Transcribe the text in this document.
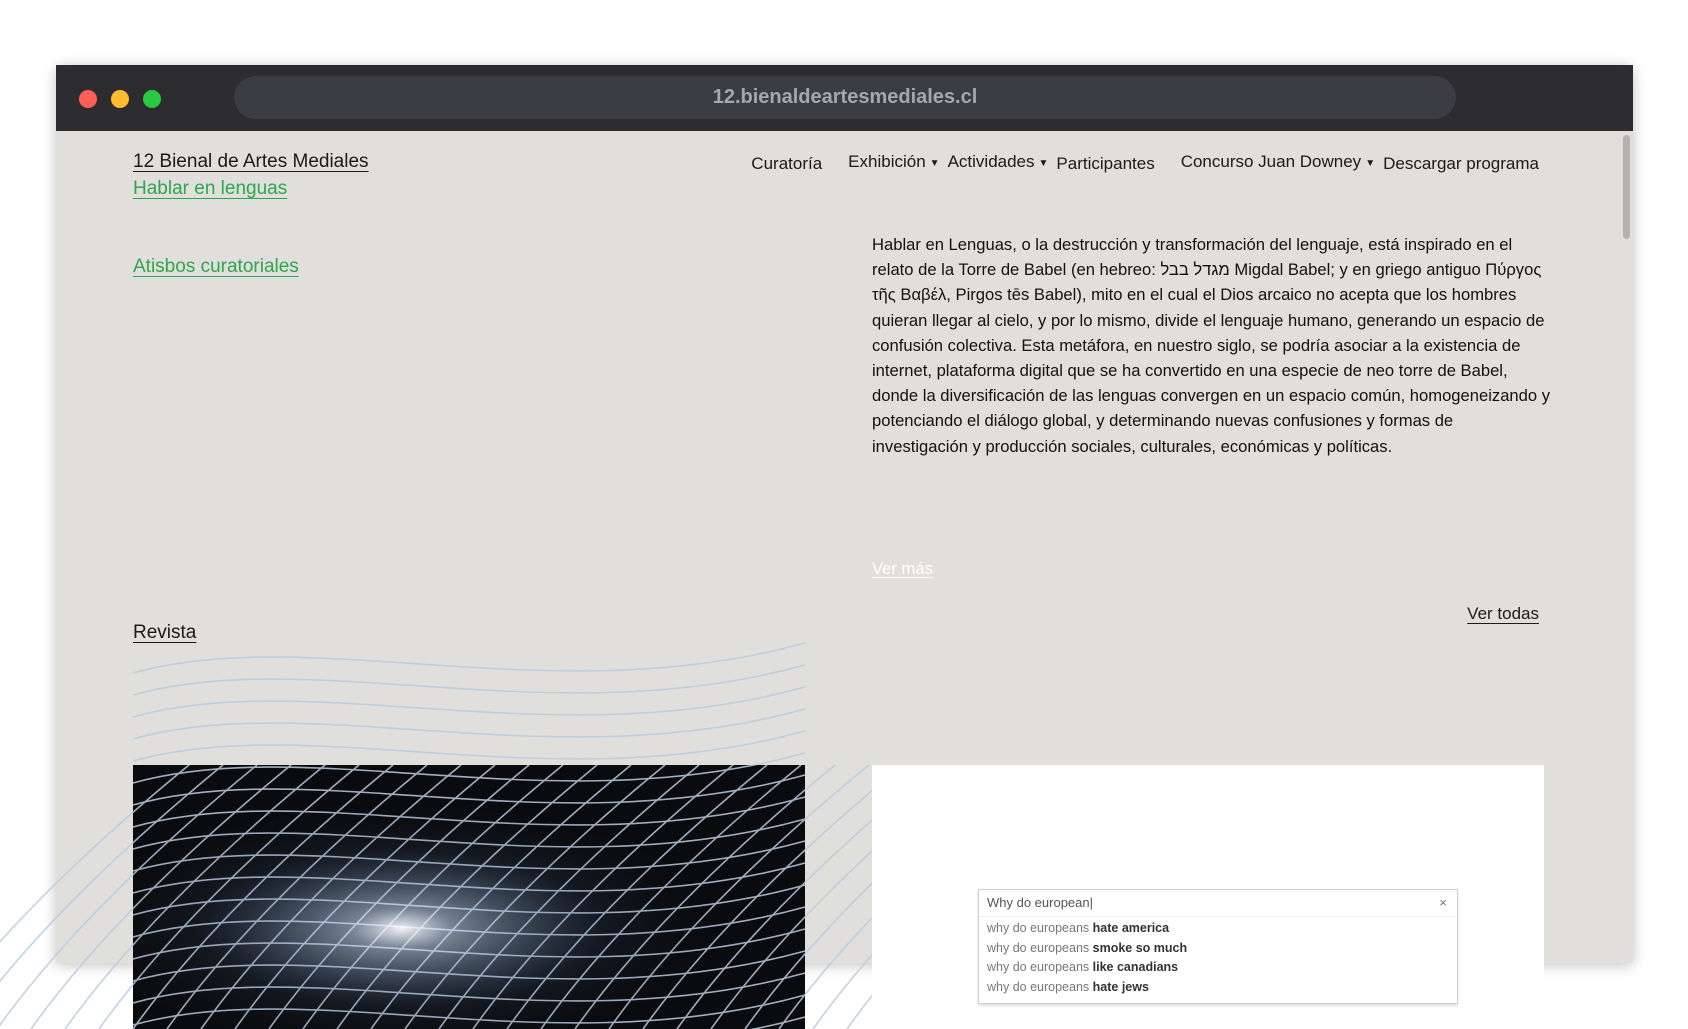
12.bienaldeartesmediales.cl
12 Bienal de Artes Mediales
Hablar en lenguas
Curatoría Exhibición ▼ Actividades ▼ Participantes Concurso Juan Downey ▼ Descargar programa
Atisbos curatoriales

Hablar en Lenguas, o la destrucción y transformación del lenguaje, está inspirado en el relato de la Torre de Babel (en hebreo: מגדל בבל Migdal Babel; y en griego antiguo Πύργος τῆς Βαβέλ, Pirgos tēs Babel), mito en el cual el Dios arcaico no acepta que los hombres quieran llegar al cielo, y por lo mismo, divide el lenguaje humano, generando un espacio de confusión colectiva. Esta metáfora, en nuestro siglo, se podría asociar a la existencia de internet, plataforma digital que se ha convertido en una especie de neo torre de Babel, donde la diversificación de las lenguas convergen en un espacio común, homogeneizando y potenciando el diálogo global, y determinando nuevas confusiones y formas de investigación y producción sociales, culturales, económicas y políticas.

Ver más
Revista
Ver todas
Why do european|	×
why do europeans hate america
why do europeans smoke so much
why do europeans like canadians
why do europeans hate jews
